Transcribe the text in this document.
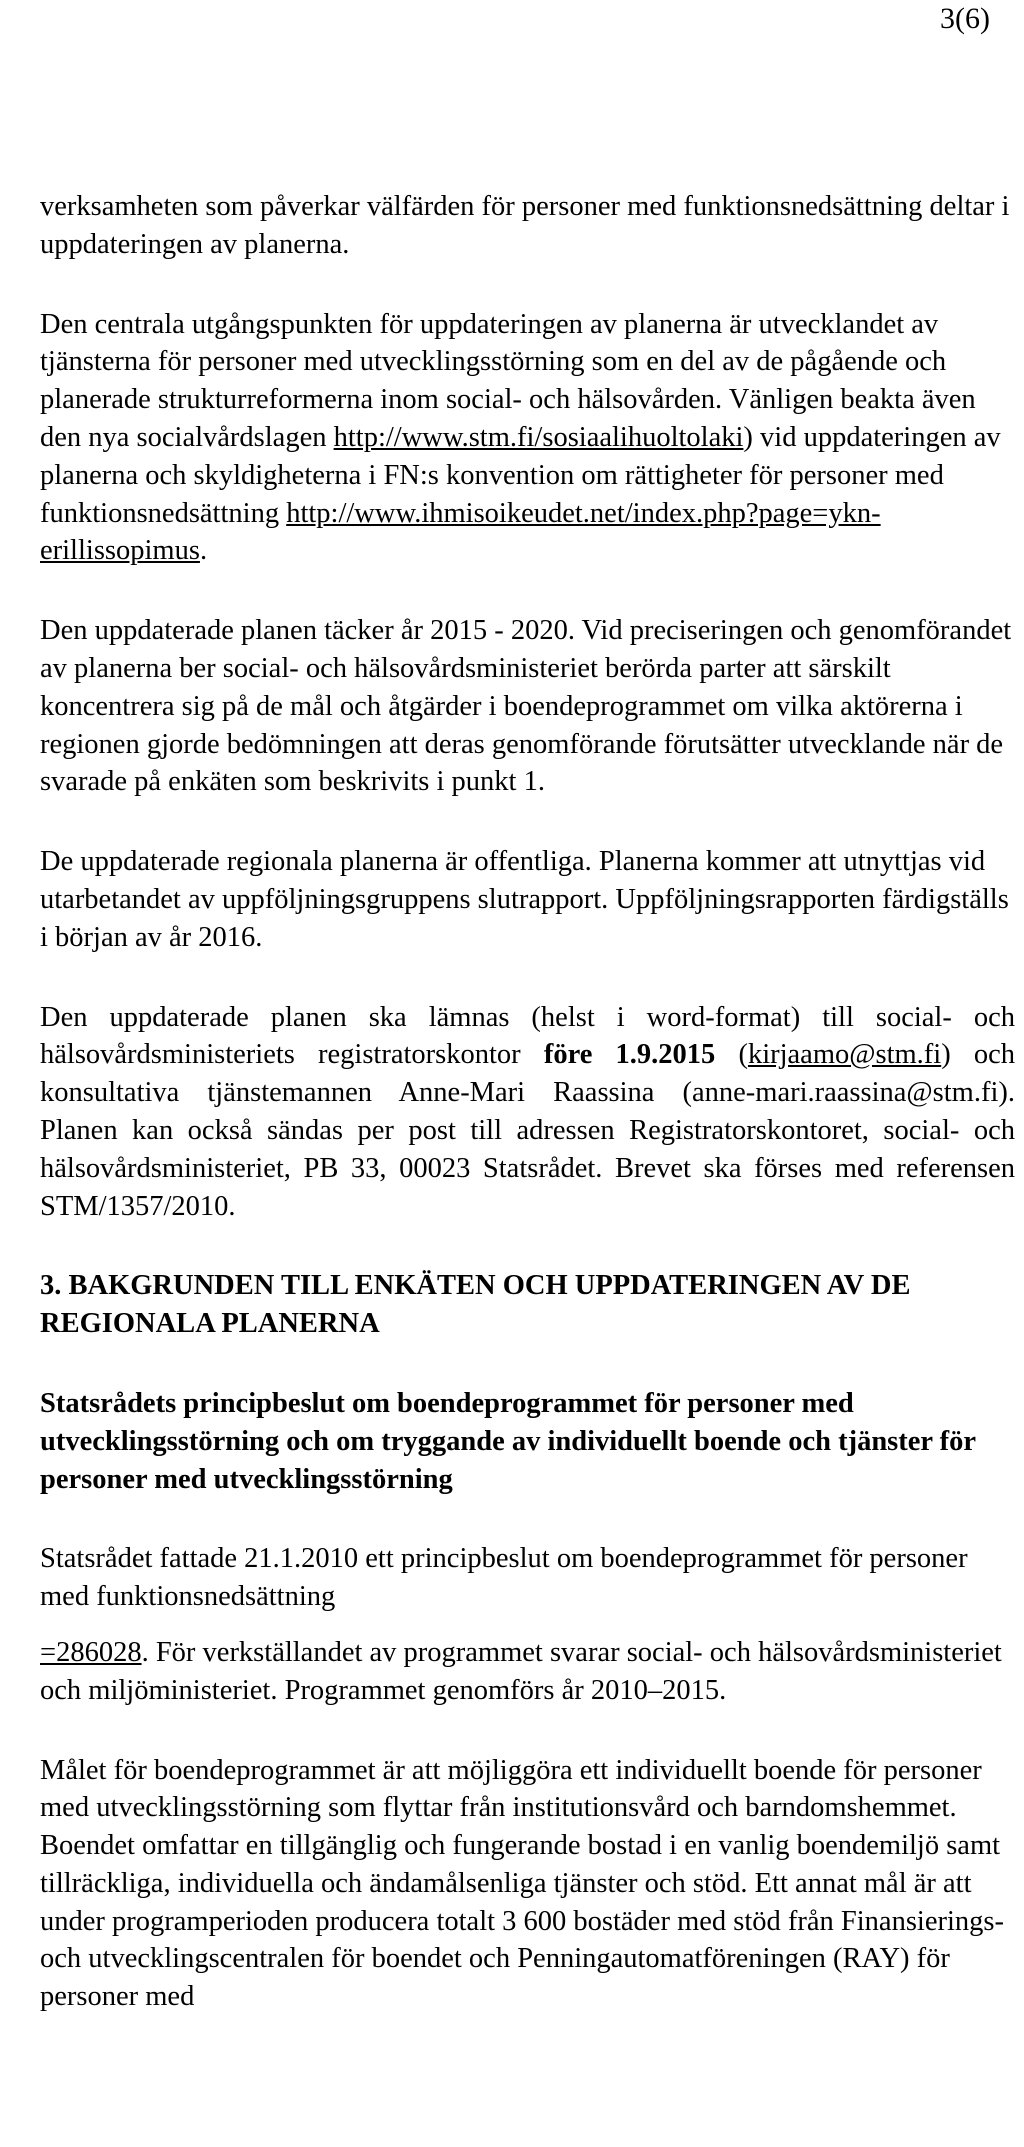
3(6)

verksamheten som påverkar välfärden för personer med funktionsnedsättning deltar i uppdateringen av planerna.

Den centrala utgångspunkten för uppdateringen av planerna är utvecklandet av tjänsterna för personer med utvecklingsstörning som en del av de pågående och planerade strukturreformerna inom social- och hälsovården. Vänligen beakta även den nya socialvårdslagen http://www.stm.fi/sosiaalihuoltolaki) vid uppdateringen av planerna och skyldigheterna i FN:s konvention om rättigheter för personer med funktionsnedsättning http://www.ihmisoikeudet.net/index.php?page=ykn-erillissopimus.

Den uppdaterade planen täcker år 2015 - 2020. Vid preciseringen och genomförandet av planerna ber social- och hälsovårdsministeriet berörda parter att särskilt koncentrera sig på de mål och åtgärder i boendeprogrammet om vilka aktörerna i regionen gjorde bedömningen att deras genomförande förutsätter utvecklande när de svarade på enkäten som beskrivits i punkt 1.

De uppdaterade regionala planerna är offentliga. Planerna kommer att utnyttjas vid utarbetandet av uppföljningsgruppens slutrapport. Uppföljningsrapporten färdigställs i början av år 2016.

Den uppdaterade planen ska lämnas (helst i word-format) till social- och hälsovårdsministeriets registratorskontor före 1.9.2015 (kirjaamo@stm.fi) och konsultativa tjänstemannen Anne-Mari Raassina (anne-mari.raassina@stm.fi). Planen kan också sändas per post till adressen Registratorskontoret, social- och hälsovårdsministeriet, PB 33, 00023 Statsrådet. Brevet ska förses med referensen STM/1357/2010.

3. BAKGRUNDEN TILL ENKÄTEN OCH UPPDATERINGEN AV DE REGIONALA PLANERNA

Statsrådets principbeslut om boendeprogrammet för personer med utvecklingsstörning och om tryggande av individuellt boende och tjänster för personer med utvecklingsstörning

Statsrådet fattade 21.1.2010 ett principbeslut om boendeprogrammet för personer med funktionsnedsättning

=286028. För verkställandet av programmet svarar social- och hälsovårdsministeriet och miljöministeriet. Programmet genomförs år 2010–2015.

Målet för boendeprogrammet är att möjliggöra ett individuellt boende för personer med utvecklingsstörning som flyttar från institutionsvård och barndomshemmet. Boendet omfattar en tillgänglig och fungerande bostad i en vanlig boendemiljö samt tillräckliga, individuella och ändamålsenliga tjänster och stöd. Ett annat mål är att under programperioden producera totalt 3 600 bostäder med stöd från Finansierings- och utvecklingscentralen för boendet och Penningautomatföreningen (RAY) för personer med
